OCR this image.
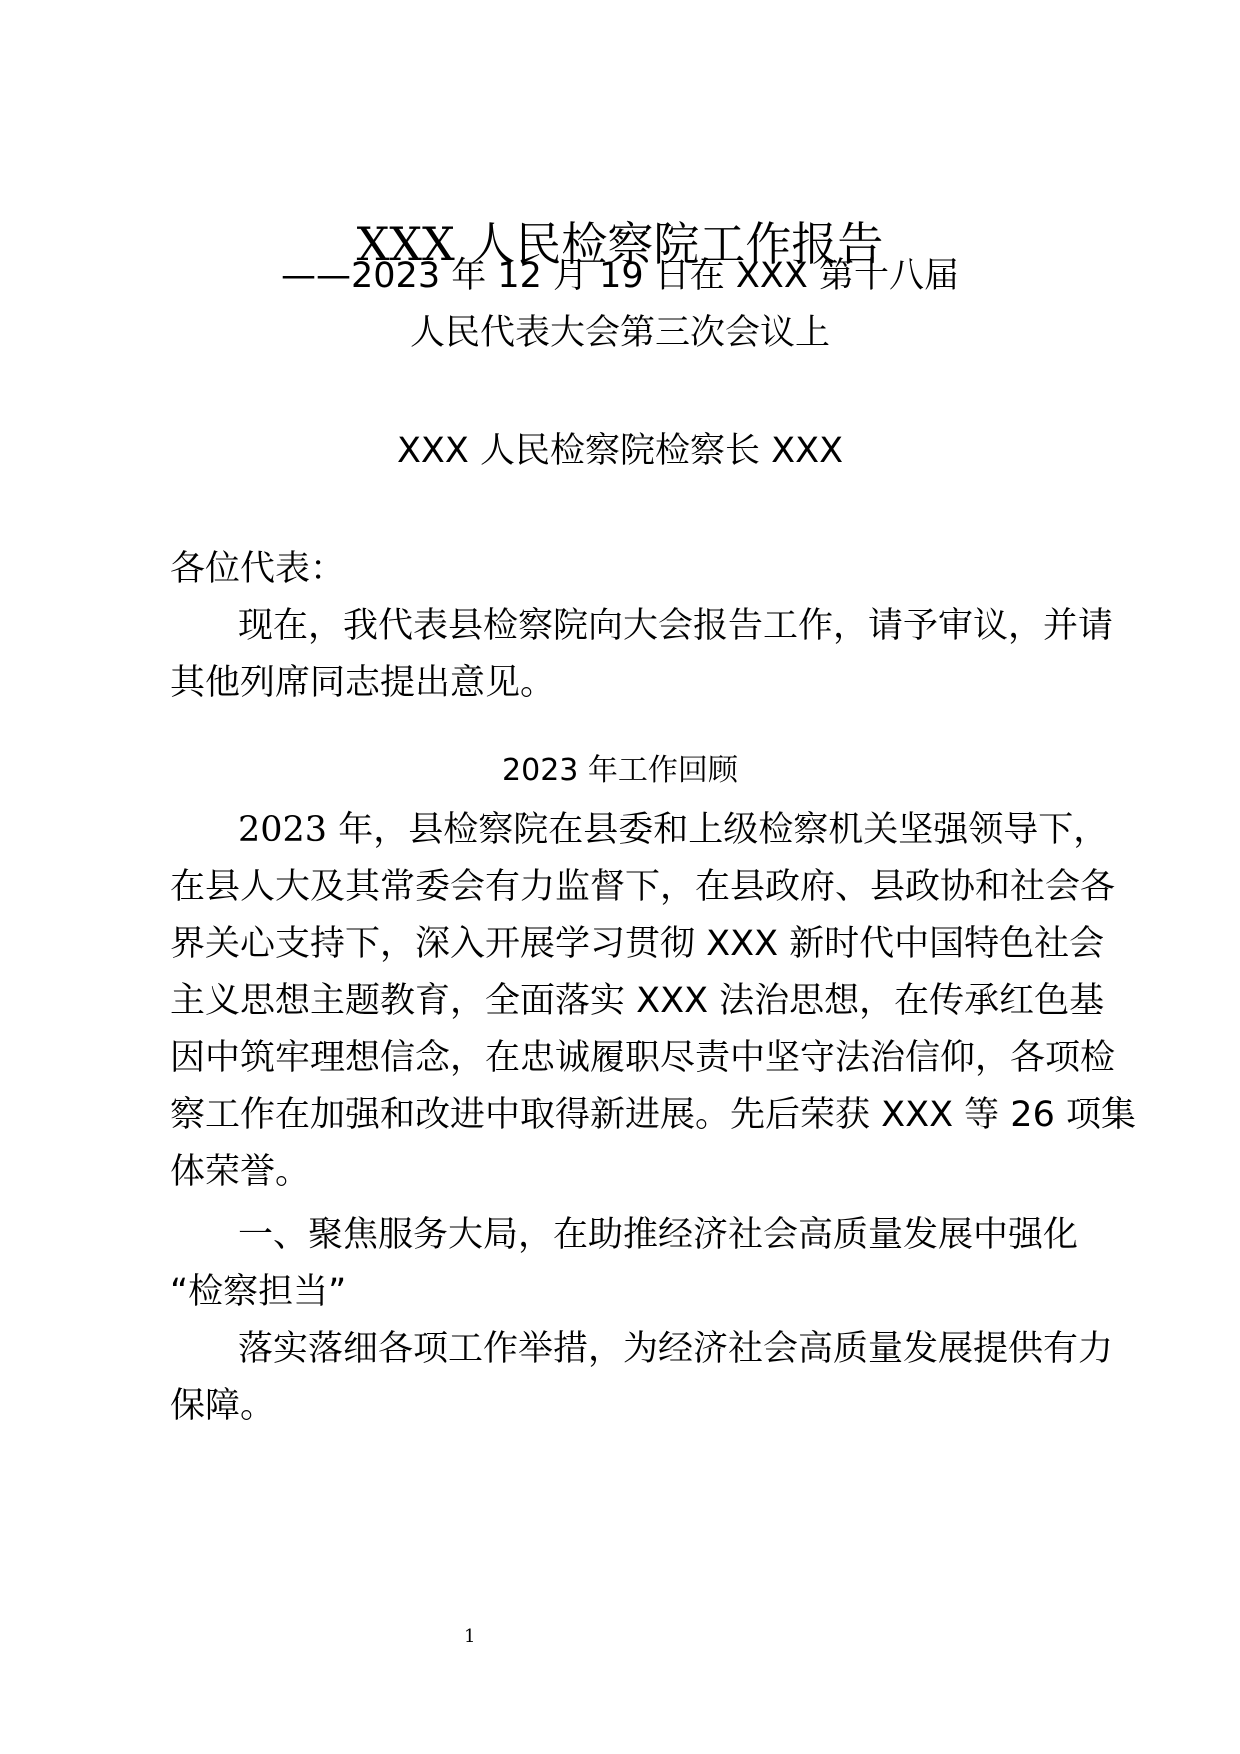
XXX 人民检察院工作报告
——2023 年 12 月 19 日在 XXX 第十八届
人民代表大会第三次会议上
XXX 人民检察院检察长 XXX
各位代表：
现在，我代表县检察院向大会报告工作，请予审议，并请
其他列席同志提出意见。
2023 年工作回顾
2023 年，县检察院在县委和上级检察机关坚强领导下，
在县人大及其常委会有力监督下，在县政府、县政协和社会各
界关心支持下，深入开展学习贯彻 XXX 新时代中国特色社会
主义思想主题教育，全面落实 XXX 法治思想，在传承红色基
因中筑牢理想信念，在忠诚履职尽责中坚守法治信仰，各项检
察工作在加强和改进中取得新进展。先后荣获 XXX 等 26 项集
体荣誉。
一、聚焦服务大局，在助推经济社会高质量发展中强化
“检察担当”
落实落细各项工作举措，为经济社会高质量发展提供有力
保障。
1
